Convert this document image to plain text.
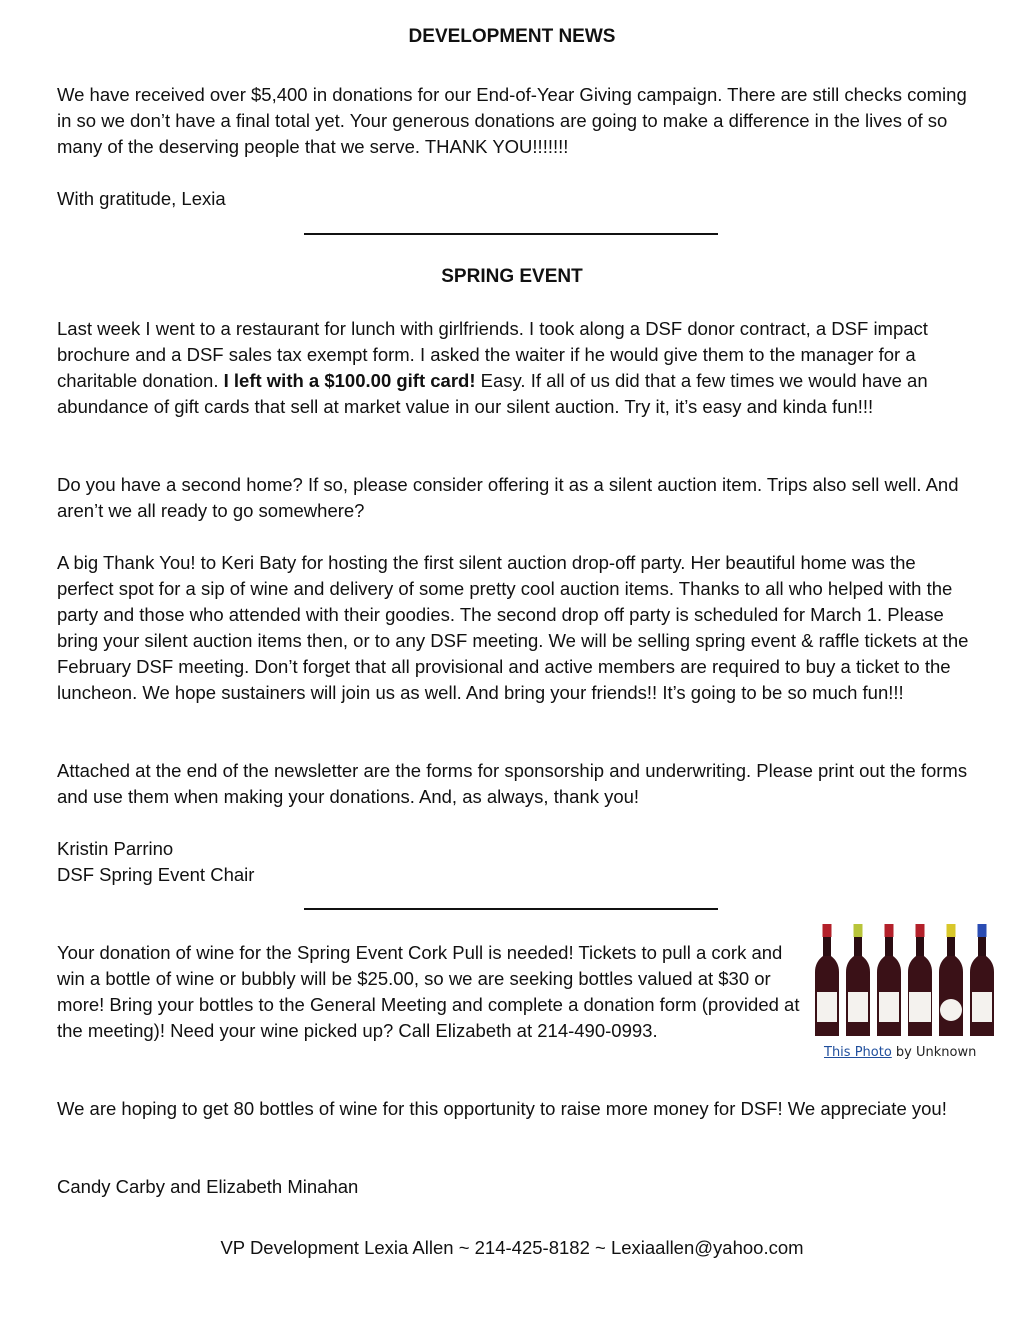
DEVELOPMENT NEWS

We have received over $5,400 in donations for our End-of-Year Giving campaign. There are still checks coming in so we don’t have a final total yet. Your generous donations are going to make a difference in the lives of so many of the deserving people that we serve. THANK YOU!!!!!!!

With gratitude, Lexia

SPRING EVENT

Last week I went to a restaurant for lunch with girlfriends. I took along a DSF donor contract, a DSF impact brochure and a DSF sales tax exempt form. I asked the waiter if he would give them to the manager for a charitable donation. I left with a $100.00 gift card! Easy. If all of us did that a few times we would have an abundance of gift cards that sell at market value in our silent auction. Try it, it’s easy and kinda fun!!!

Do you have a second home? If so, please consider offering it as a silent auction item. Trips also sell well. And aren’t we all ready to go somewhere?

A big Thank You! to Keri Baty for hosting the first silent auction drop-off party. Her beautiful home was the perfect spot for a sip of wine and delivery of some pretty cool auction items. Thanks to all who helped with the party and those who attended with their goodies. The second drop off party is scheduled for March 1. Please bring your silent auction items then, or to any DSF meeting. We will be selling spring event & raffle tickets at the February DSF meeting. Don’t forget that all provisional and active members are required to buy a ticket to the luncheon. We hope sustainers will join us as well. And bring your friends!! It’s going to be so much fun!!!

Attached at the end of the newsletter are the forms for sponsorship and underwriting. Please print out the forms and use them when making your donations. And, as always, thank you!

Kristin Parrino

DSF Spring Event Chair

Your donation of wine for the Spring Event Cork Pull is needed! Tickets to pull a cork and win a bottle of wine or bubbly will be $25.00, so we are seeking bottles valued at $30 or more! Bring your bottles to the General Meeting and complete a donation form (provided at the meeting)! Need your wine picked up? Call Elizabeth at 214-490-0993.

This Photo by Unknown

We are hoping to get 80 bottles of wine for this opportunity to raise more money for DSF! We appreciate you!

Candy Carby and Elizabeth Minahan

VP Development Lexia Allen ~ 214-425-8182 ~ Lexiaallen@yahoo.com
